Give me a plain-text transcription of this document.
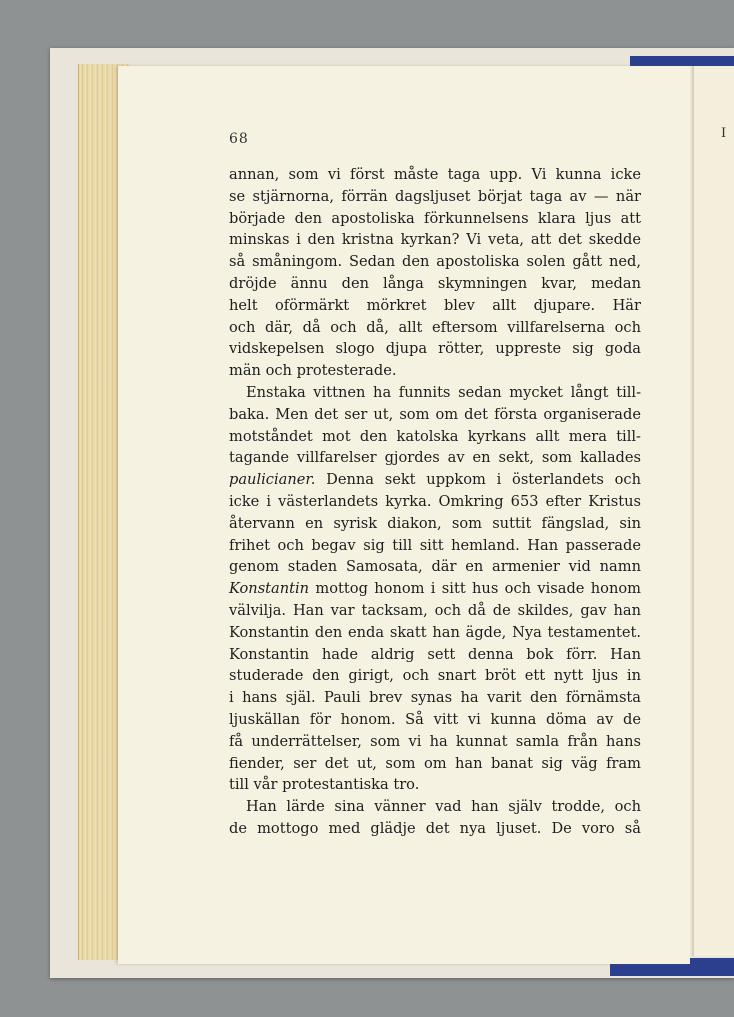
I
68
annan, som vi först måste taga upp. Vi kunna icke
se stjärnorna, förrän dagsljuset börjat taga av — när
började den apostoliska förkunnelsens klara ljus att
minskas i den kristna kyrkan? Vi veta, att det skedde
så småningom. Sedan den apostoliska solen gått ned,
dröjde ännu den långa skymningen kvar, medan
helt oförmärkt mörkret blev allt djupare. Här
och där, då och då, allt eftersom villfarelserna och
vidskepelsen slogo djupa rötter, uppreste sig goda
män och protesterade.
Enstaka vittnen ha funnits sedan mycket långt till-
baka. Men det ser ut, som om det första organiserade
motståndet mot den katolska kyrkans allt mera till-
tagande villfarelser gjordes av en sekt, som kallades
paulicianer. Denna sekt uppkom i österlandets och
icke i västerlandets kyrka. Omkring 653 efter Kristus
återvann en syrisk diakon, som suttit fängslad, sin
frihet och begav sig till sitt hemland. Han passerade
genom staden Samosata, där en armenier vid namn
Konstantin mottog honom i sitt hus och visade honom
välvilja. Han var tacksam, och då de skildes, gav han
Konstantin den enda skatt han ägde, Nya testamentet.
Konstantin hade aldrig sett denna bok förr. Han
studerade den girigt, och snart bröt ett nytt ljus in
i hans själ. Pauli brev synas ha varit den förnämsta
ljuskällan för honom. Så vitt vi kunna döma av de
få underrättelser, som vi ha kunnat samla från hans
fiender, ser det ut, som om han banat sig väg fram
till vår protestantiska tro.
Han lärde sina vänner vad han själv trodde, och
de mottogo med glädje det nya ljuset. De voro så
